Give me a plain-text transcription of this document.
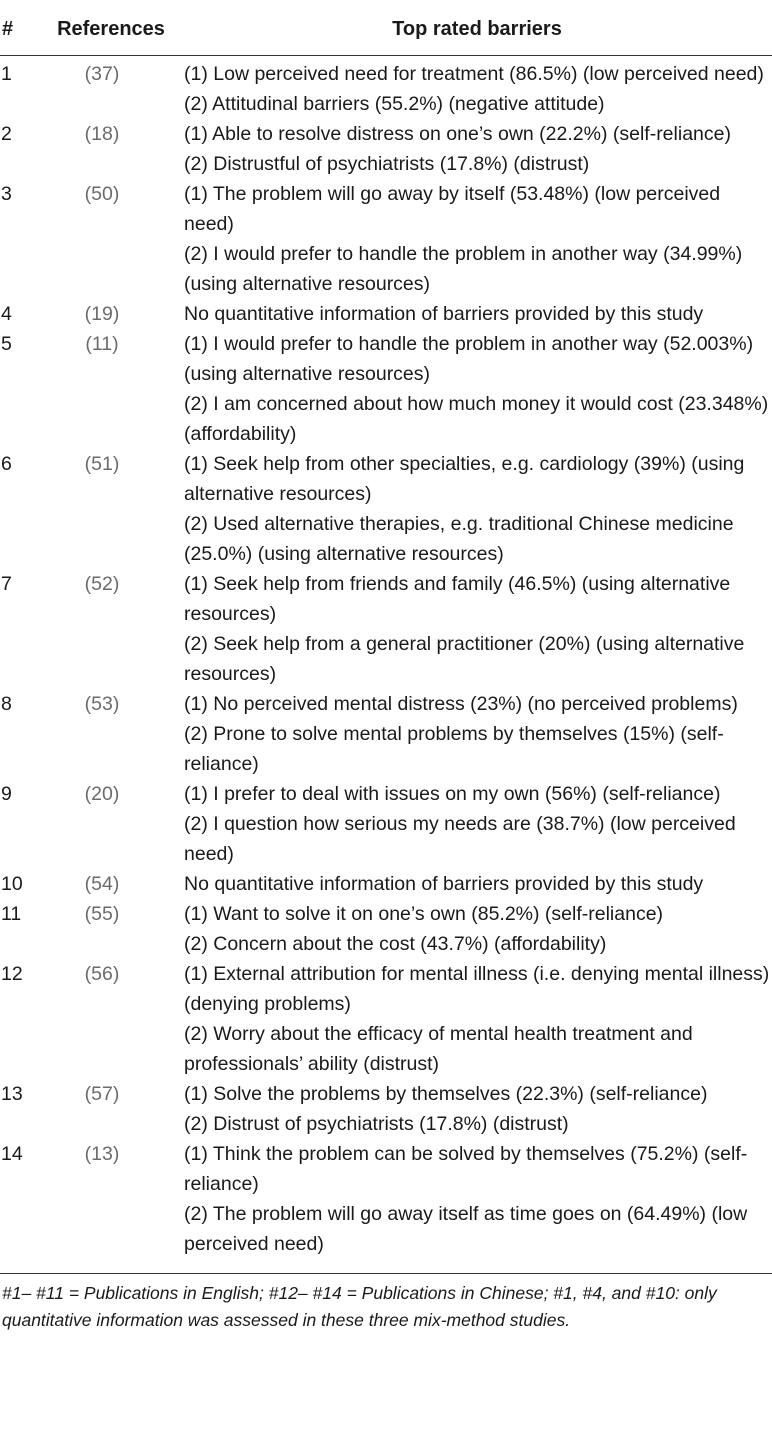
#	References	Top rated barriers
1	(37)	(1) Low perceived need for treatment (86.5%) (low perceived need)
(2) Attitudinal barriers (55.2%) (negative attitude)

2	(18)	(1) Able to resolve distress on one’s own (22.2%) (self-reliance)
(2) Distrustful of psychiatrists (17.8%) (distrust)

3	(50)	(1) The problem will go away by itself (53.48%) (low perceived need)
(2) I would prefer to handle the problem in another way (34.99%) (using alternative resources)

4	(19)	No quantitative information of barriers provided by this study

5	(11)	(1) I would prefer to handle the problem in another way (52.003%) (using alternative resources)
(2) I am concerned about how much money it would cost (23.348%) (affordability)

6	(51)	(1) Seek help from other specialties, e.g. cardiology (39%) (using alternative resources)
(2) Used alternative therapies, e.g. traditional Chinese medicine (25.0%) (using alternative resources)

7	(52)	(1) Seek help from friends and family (46.5%) (using alternative resources)
(2) Seek help from a general practitioner (20%) (using alternative resources)

8	(53)	(1) No perceived mental distress (23%) (no perceived problems)
(2) Prone to solve mental problems by themselves (15%) (self-reliance)

9	(20)	(1) I prefer to deal with issues on my own (56%) (self-reliance)
(2) I question how serious my needs are (38.7%) (low perceived need)

10	(54)	No quantitative information of barriers provided by this study

11	(55)	(1) Want to solve it on one’s own (85.2%) (self-reliance)
(2) Concern about the cost (43.7%) (affordability)

12	(56)	(1) External attribution for mental illness (i.e. denying mental illness) (denying problems)
(2) Worry about the efficacy of mental health treatment and professionals’ ability (distrust)

13	(57)	(1) Solve the problems by themselves (22.3%) (self-reliance)
(2) Distrust of psychiatrists (17.8%) (distrust)

14	(13)	(1) Think the problem can be solved by themselves (75.2%) (self-reliance)
(2) The problem will go away itself as time goes on (64.49%) (low perceived need)
#1– #11 = Publications in English; #12– #14 = Publications in Chinese; #1, #4, and #10: only quantitative information was assessed in these three mix-method studies.
